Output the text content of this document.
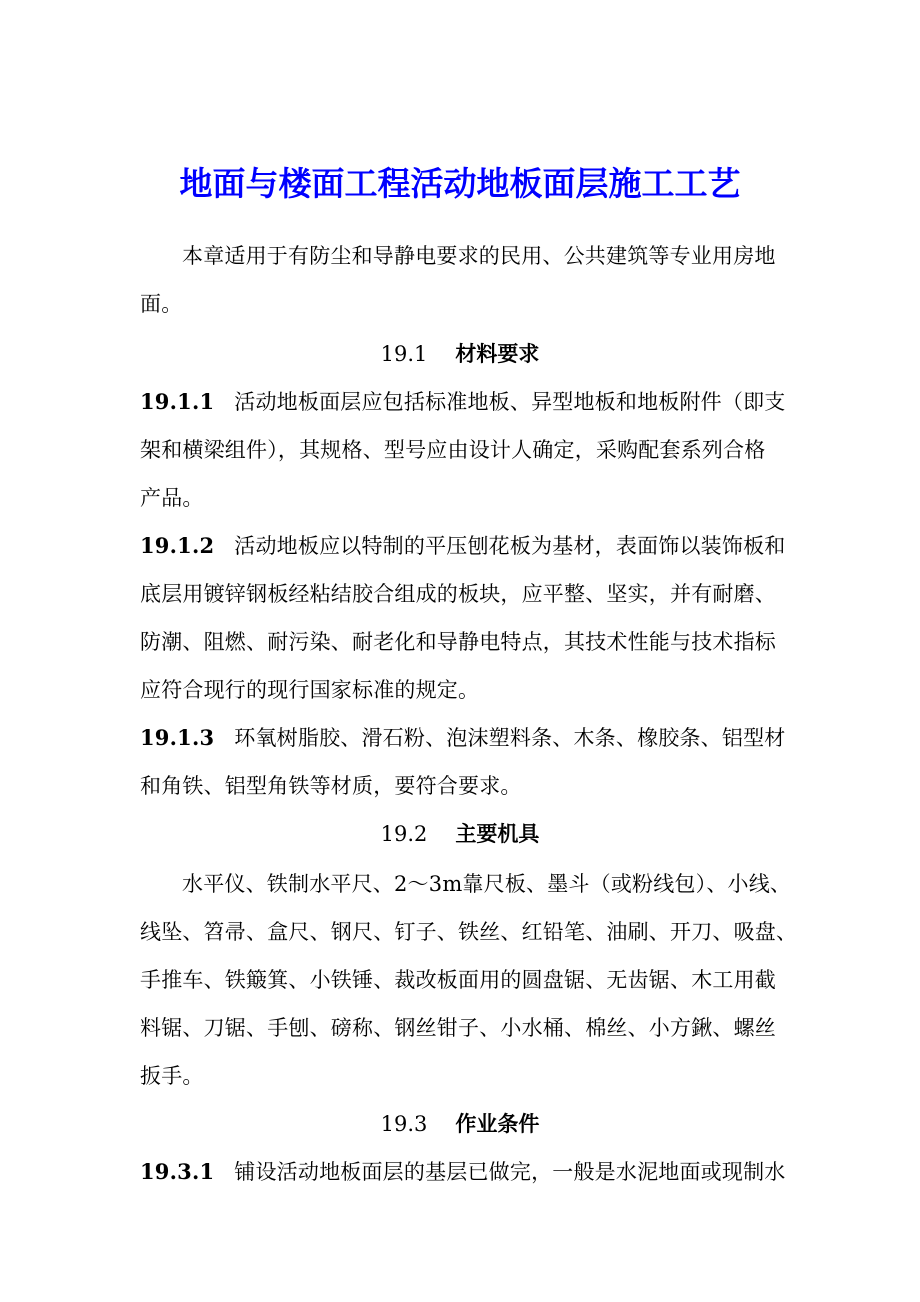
地面与楼面工程活动地板面层施工工艺
本章适用于有防尘和导静电要求的民用、公共建筑等专业用房地
面。
19.1 材料要求
19.1.1 活动地板面层应包括标准地板、异型地板和地板附件（即支
架和横梁组件），其规格、型号应由设计人确定，采购配套系列合格
产品。
19.1.2 活动地板应以特制的平压刨花板为基材，表面饰以装饰板和
底层用镀锌钢板经粘结胶合组成的板块，应平整、坚实，并有耐磨、
防潮、阻燃、耐污染、耐老化和导静电特点，其技术性能与技术指标
应符合现行的现行国家标准的规定。
19.1.3 环氧树脂胶、滑石粉、泡沫塑料条、木条、橡胶条、铝型材
和角铁、铝型角铁等材质，要符合要求。
19.2 主要机具
水平仪、铁制水平尺、2～3m靠尺板、墨斗（或粉线包）、小线、
线坠、笤帚、盒尺、钢尺、钉子、铁丝、红铅笔、油刷、开刀、吸盘、
手推车、铁簸箕、小铁锤、裁改板面用的圆盘锯、无齿锯、木工用截
料锯、刀锯、手刨、磅称、钢丝钳子、小水桶、棉丝、小方鍬、螺丝
扳手。
19.3 作业条件
19.3.1 铺设活动地板面层的基层已做完，一般是水泥地面或现制水
